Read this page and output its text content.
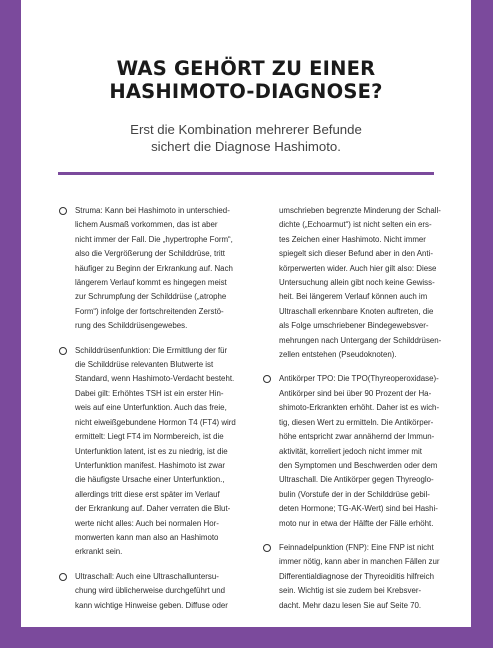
WAS GEHÖRT ZU EINER
HASHIMOTO-DIAGNOSE?
Erst die Kombination mehrerer Befunde
sichert die Diagnose Hashimoto.
Struma: Kann bei Hashimoto in unterschied-
lichem Ausmaß vorkommen, das ist aber
nicht immer der Fall. Die „hypertrophe Form“,
also die Vergrößerung der Schilddrüse, tritt
häufiger zu Beginn der Erkrankung auf. Nach
längerem Verlauf kommt es hingegen meist
zur Schrumpfung der Schilddrüse („atrophe
Form“) infolge der fortschreitenden Zerstö-
rung des Schilddrüsengewebes.
Schilddrüsenfunktion: Die Ermittlung der für
die Schilddrüse relevanten Blutwerte ist
Standard, wenn Hashimoto-Verdacht besteht.
Dabei gilt: Erhöhtes TSH ist ein erster Hin-
weis auf eine Unterfunktion. Auch das freie,
nicht eiweißgebundene Hormon T4 (FT4) wird
ermittelt: Liegt FT4 im Normbereich, ist die
Unterfunktion latent, ist es zu niedrig, ist die
Unterfunktion manifest. Hashimoto ist zwar
die häufigste Ursache einer Unterfunktion.,
allerdings tritt diese erst später im Verlauf
der Erkrankung auf. Daher verraten die Blut-
werte nicht alles: Auch bei normalen Hor-
monwerten kann man also an Hashimoto
erkrankt sein.
Ultraschall: Auch eine Ultraschalluntersu-
chung wird üblicherweise durchgeführt und
kann wichtige Hinweise geben. Diffuse oder
umschrieben begrenzte Minderung der Schall-
dichte („Echoarmut“) ist nicht selten ein ers-
tes Zeichen einer Hashimoto. Nicht immer
spiegelt sich dieser Befund aber in den Anti-
körperwerten wider. Auch hier gilt also: Diese
Untersuchung allein gibt noch keine Gewiss-
heit. Bei längerem Verlauf können auch im
Ultraschall erkennbare Knoten auftreten, die
als Folge umschriebener Bindegewebsver-
mehrungen nach Untergang der Schilddrüsen-
zellen entstehen (Pseudoknoten).
Antikörper TPO: Die TPO(Thyreoperoxidase)-
Antikörper sind bei über 90 Prozent der Ha-
shimoto-Erkrankten erhöht. Daher ist es wich-
tig, diesen Wert zu ermitteln. Die Antikörper-
höhe entspricht zwar annähernd der Immun-
aktivität, korreliert jedoch nicht immer mit
den Symptomen und Beschwerden oder dem
Ultraschall. Die Antikörper gegen Thyreoglo-
bulin (Vorstufe der in der Schilddrüse gebil-
deten Hormone; TG-AK-Wert) sind bei Hashi-
moto nur in etwa der Hälfte der Fälle erhöht.
Feinnadelpunktion (FNP): Eine FNP ist nicht
immer nötig, kann aber in manchen Fällen zur
Differentialdiagnose der Thyreoiditis hilfreich
sein. Wichtig ist sie zudem bei Krebsver-
dacht. Mehr dazu lesen Sie auf Seite 70.
